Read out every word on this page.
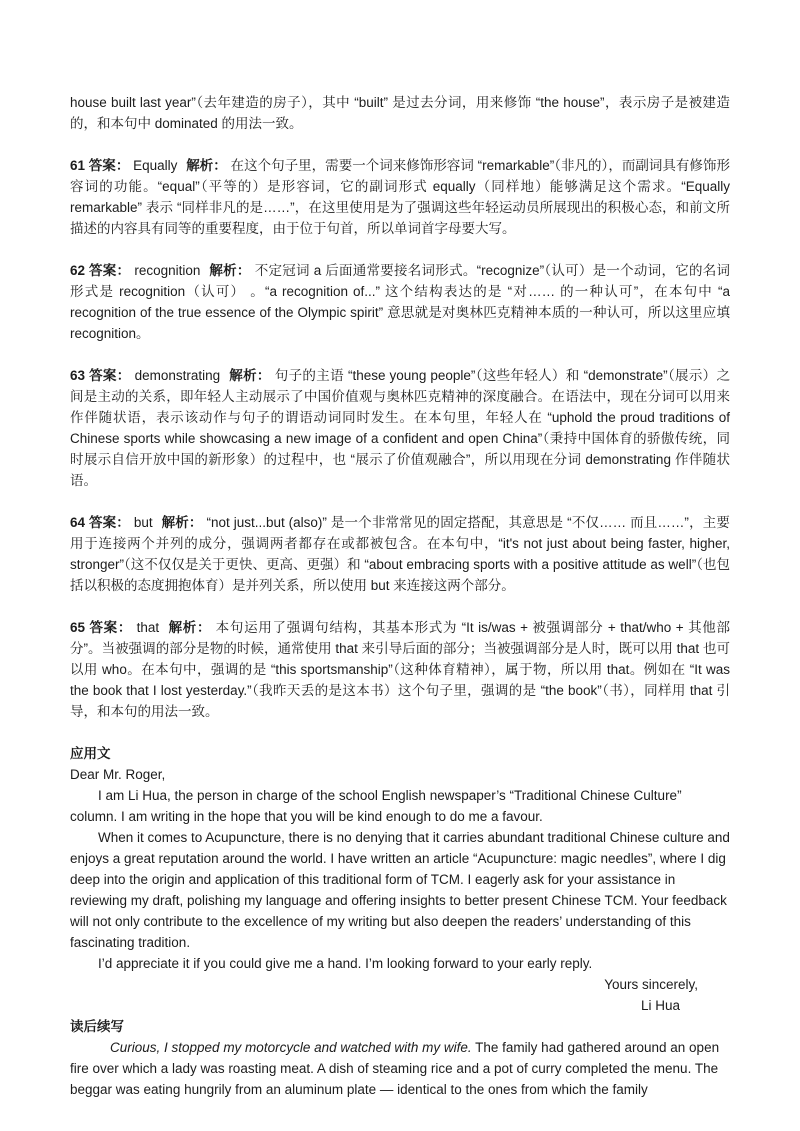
house built last year”（去年建造的房子），其中 “built” 是过去分词，用来修饰 “the house”，表示房子是被建造的，和本句中 dominated 的用法一致。

61 答案： Equally 解析： 在这个句子里，需要一个词来修饰形容词 “remarkable”（非凡的），而副词具有修饰形容词的功能。“equal”（平等的）是形容词，它的副词形式 equally（同样地）能够满足这个需求。“Equally remarkable” 表示 “同样非凡的是……”，在这里使用是为了强调这些年轻运动员所展现出的积极心态，和前文所描述的内容具有同等的重要程度，由于位于句首，所以单词首字母要大写。

62 答案： recognition 解析： 不定冠词 a 后面通常要接名词形式。“recognize”（认可）是一个动词，它的名词形式是 recognition（认可） 。“a recognition of...” 这个结构表达的是 “对…… 的一种认可”，在本句中 “a recognition of the true essence of the Olympic spirit” 意思就是对奥林匹克精神本质的一种认可，所以这里应填 recognition。

63 答案： demonstrating 解析： 句子的主语 “these young people”（这些年轻人）和 “demonstrate”（展示）之间是主动的关系，即年轻人主动展示了中国价值观与奥林匹克精神的深度融合。在语法中，现在分词可以用来作伴随状语，表示该动作与句子的谓语动词同时发生。在本句里，年轻人在 “uphold the proud traditions of Chinese sports while showcasing a new image of a confident and open China”（秉持中国体育的骄傲传统，同时展示自信开放中国的新形象）的过程中，也 “展示了价值观融合”，所以用现在分词 demonstrating 作伴随状语。

64 答案： but 解析： “not just...but (also)” 是一个非常常见的固定搭配，其意思是 “不仅…… 而且……”，主要用于连接两个并列的成分，强调两者都存在或都被包含。在本句中，“it's not just about being faster, higher, stronger”（这不仅仅是关于更快、更高、更强）和 “about embracing sports with a positive attitude as well”（也包括以积极的态度拥抱体育）是并列关系，所以使用 but 来连接这两个部分。

65 答案： that 解析： 本句运用了强调句结构，其基本形式为 “It is/was + 被强调部分 + that/who + 其他部分”。当被强调的部分是物的时候，通常使用 that 来引导后面的部分；当被强调部分是人时，既可以用 that 也可以用 who。在本句中，强调的是 “this sportsmanship”（这种体育精神），属于物，所以用 that。例如在 “It was the book that I lost yesterday.”（我昨天丢的是这本书）这个句子里，强调的是 “the book”（书），同样用 that 引导，和本句的用法一致。

应用文

Dear Mr. Roger,

I am Li Hua, the person in charge of the school English newspaper’s “Traditional Chinese Culture” column. I am writing in the hope that you will be kind enough to do me a favour.

When it comes to Acupuncture, there is no denying that it carries abundant traditional Chinese culture and enjoys a great reputation around the world. I have written an article “Acupuncture: magic needles”, where I dig deep into the origin and application of this traditional form of TCM. I eagerly ask for your assistance in reviewing my draft, polishing my language and offering insights to better present Chinese TCM. Your feedback will not only contribute to the excellence of my writing but also deepen the readers’ understanding of this fascinating tradition.

I’d appreciate it if you could give me a hand. I’m looking forward to your early reply.

Yours sincerely,

Li Hua

读后续写

Curious, I stopped my motorcycle and watched with my wife. The family had gathered around an open fire over which a lady was roasting meat. A dish of steaming rice and a pot of curry completed the menu. The beggar was eating hungrily from an aluminum plate — identical to the ones from which the family
